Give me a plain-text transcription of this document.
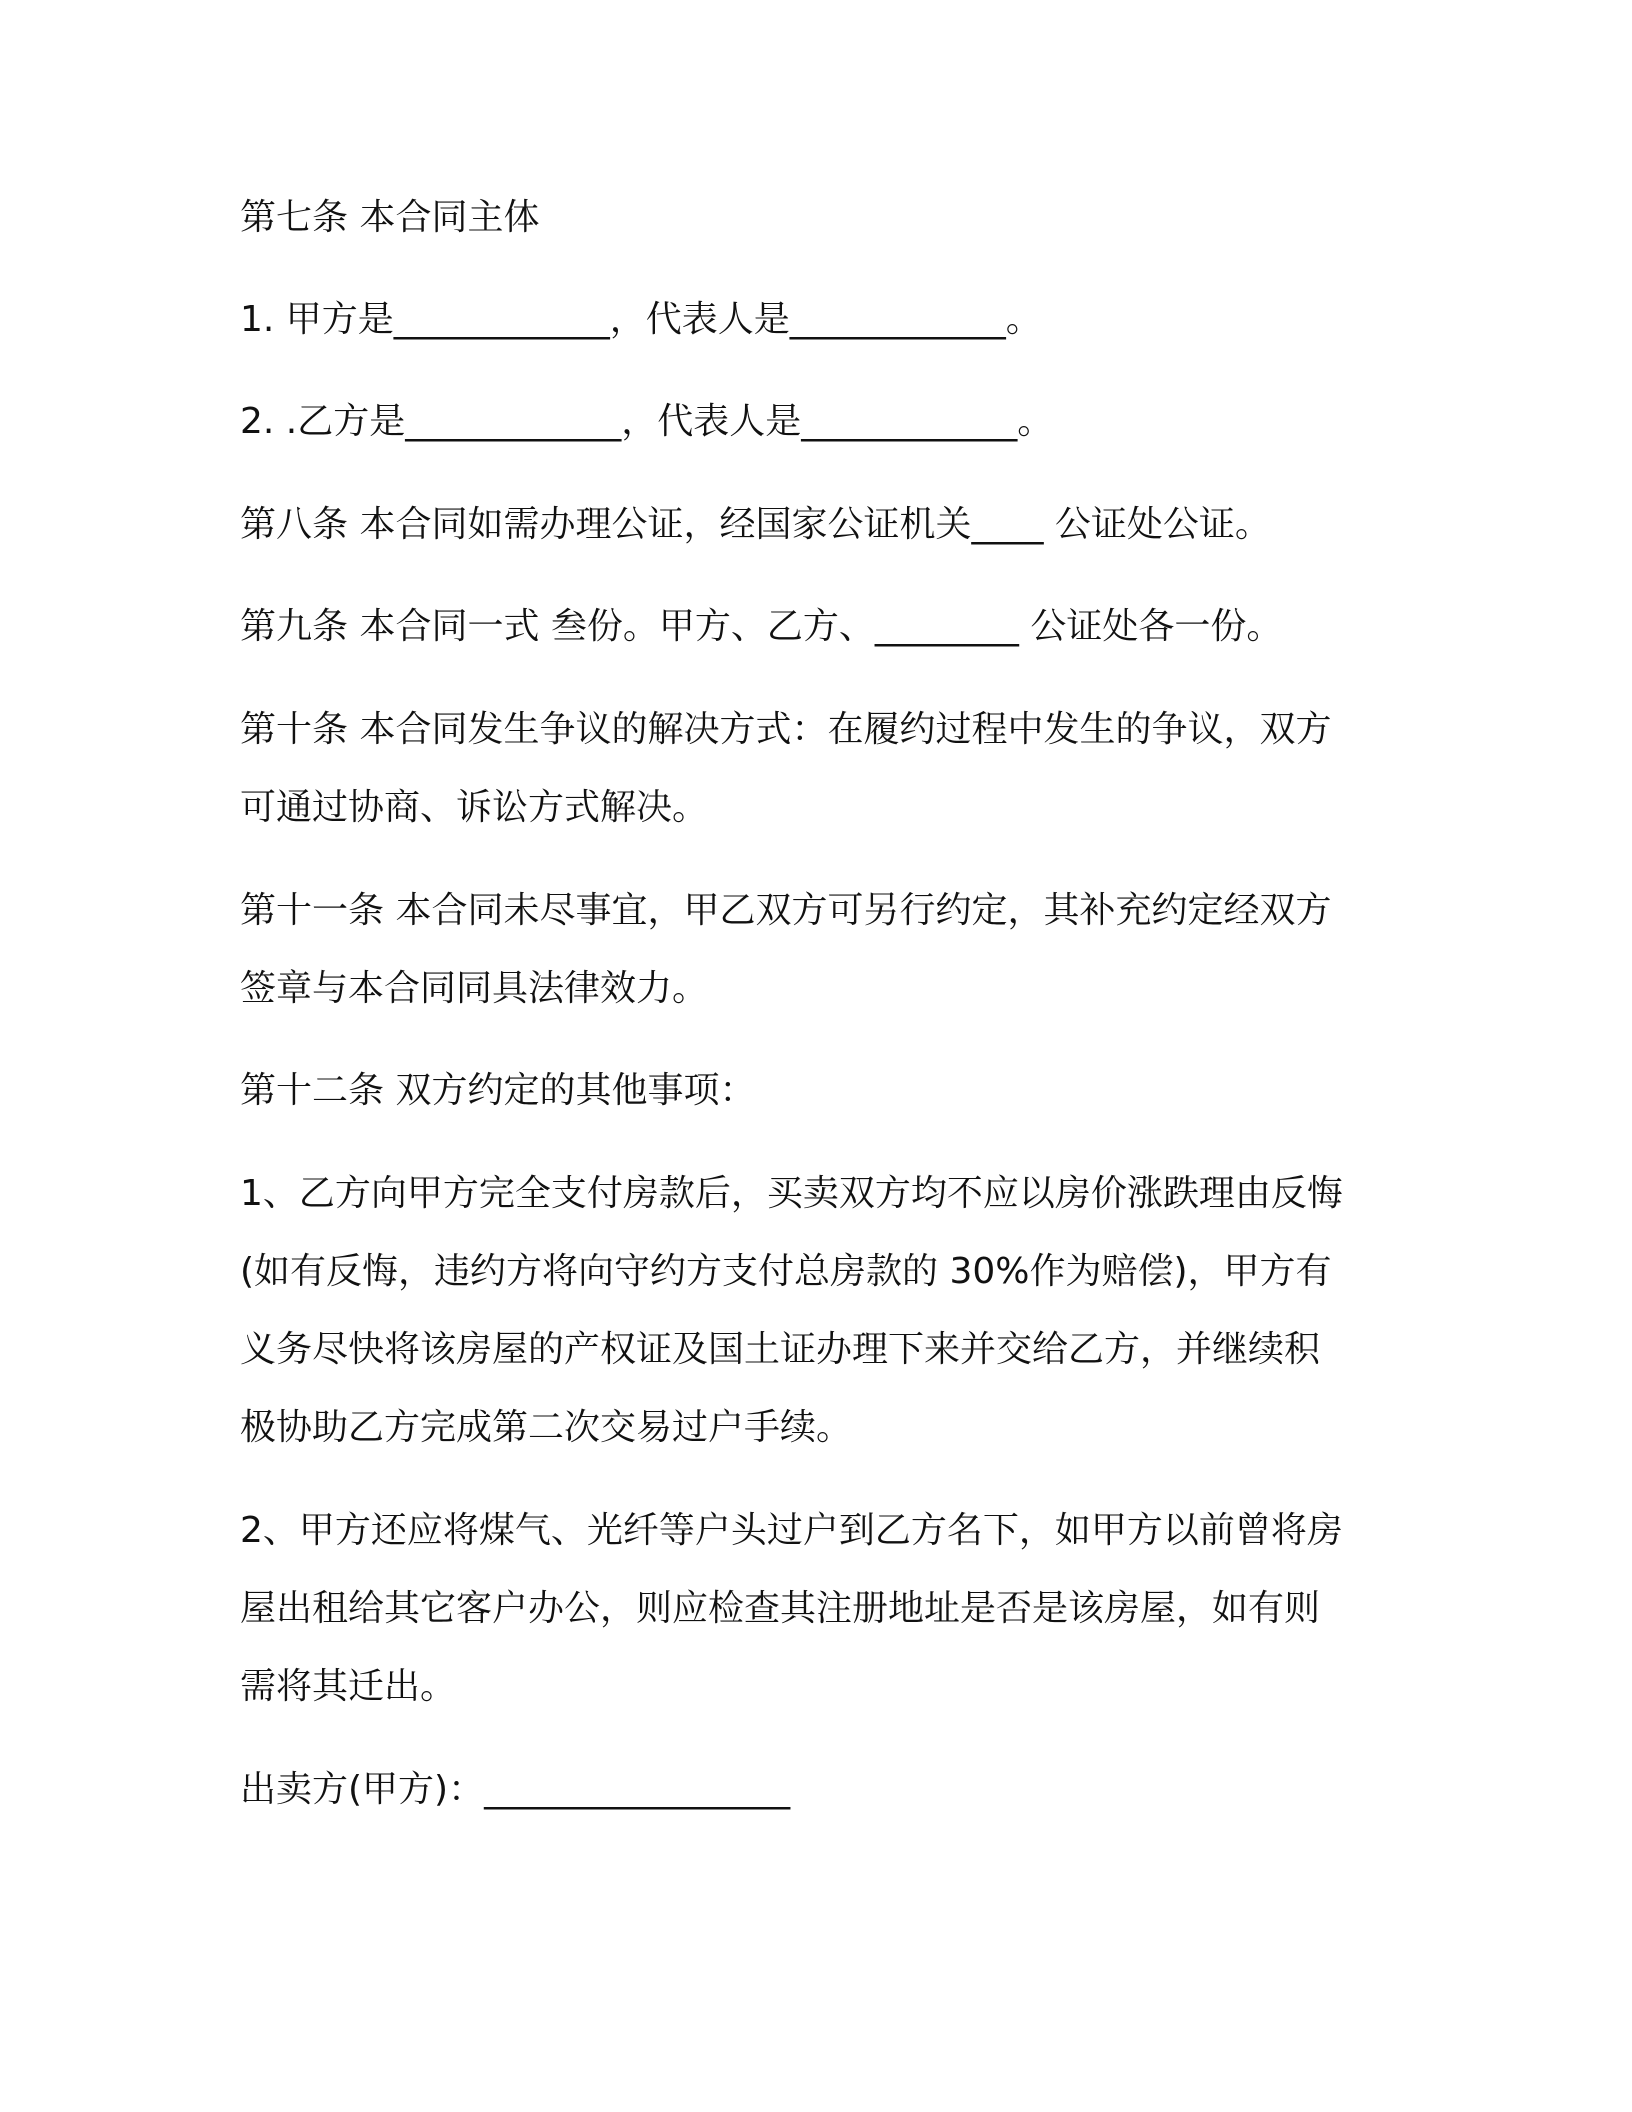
第七条 本合同主体
1. 甲方是____________，代表人是____________。
2. .乙方是____________，代表人是____________。
第八条 本合同如需办理公证，经国家公证机关____ 公证处公证。
第九条 本合同一式 叁份。甲方、乙方、________ 公证处各一份。
第十条 本合同发生争议的解决方式：在履约过程中发生的争议，双方
可通过协商、诉讼方式解决。
第十一条 本合同未尽事宜，甲乙双方可另行约定，其补充约定经双方
签章与本合同同具法律效力。
第十二条 双方约定的其他事项：
1、乙方向甲方完全支付房款后，买卖双方均不应以房价涨跌理由反悔
(如有反悔，违约方将向守约方支付总房款的 30%作为赔偿)，甲方有
义务尽快将该房屋的产权证及国土证办理下来并交给乙方，并继续积
极协助乙方完成第二次交易过户手续。
2、甲方还应将煤气、光纤等户头过户到乙方名下，如甲方以前曾将房
屋出租给其它客户办公，则应检查其注册地址是否是该房屋，如有则
需将其迁出。
出卖方(甲方)：_________________
